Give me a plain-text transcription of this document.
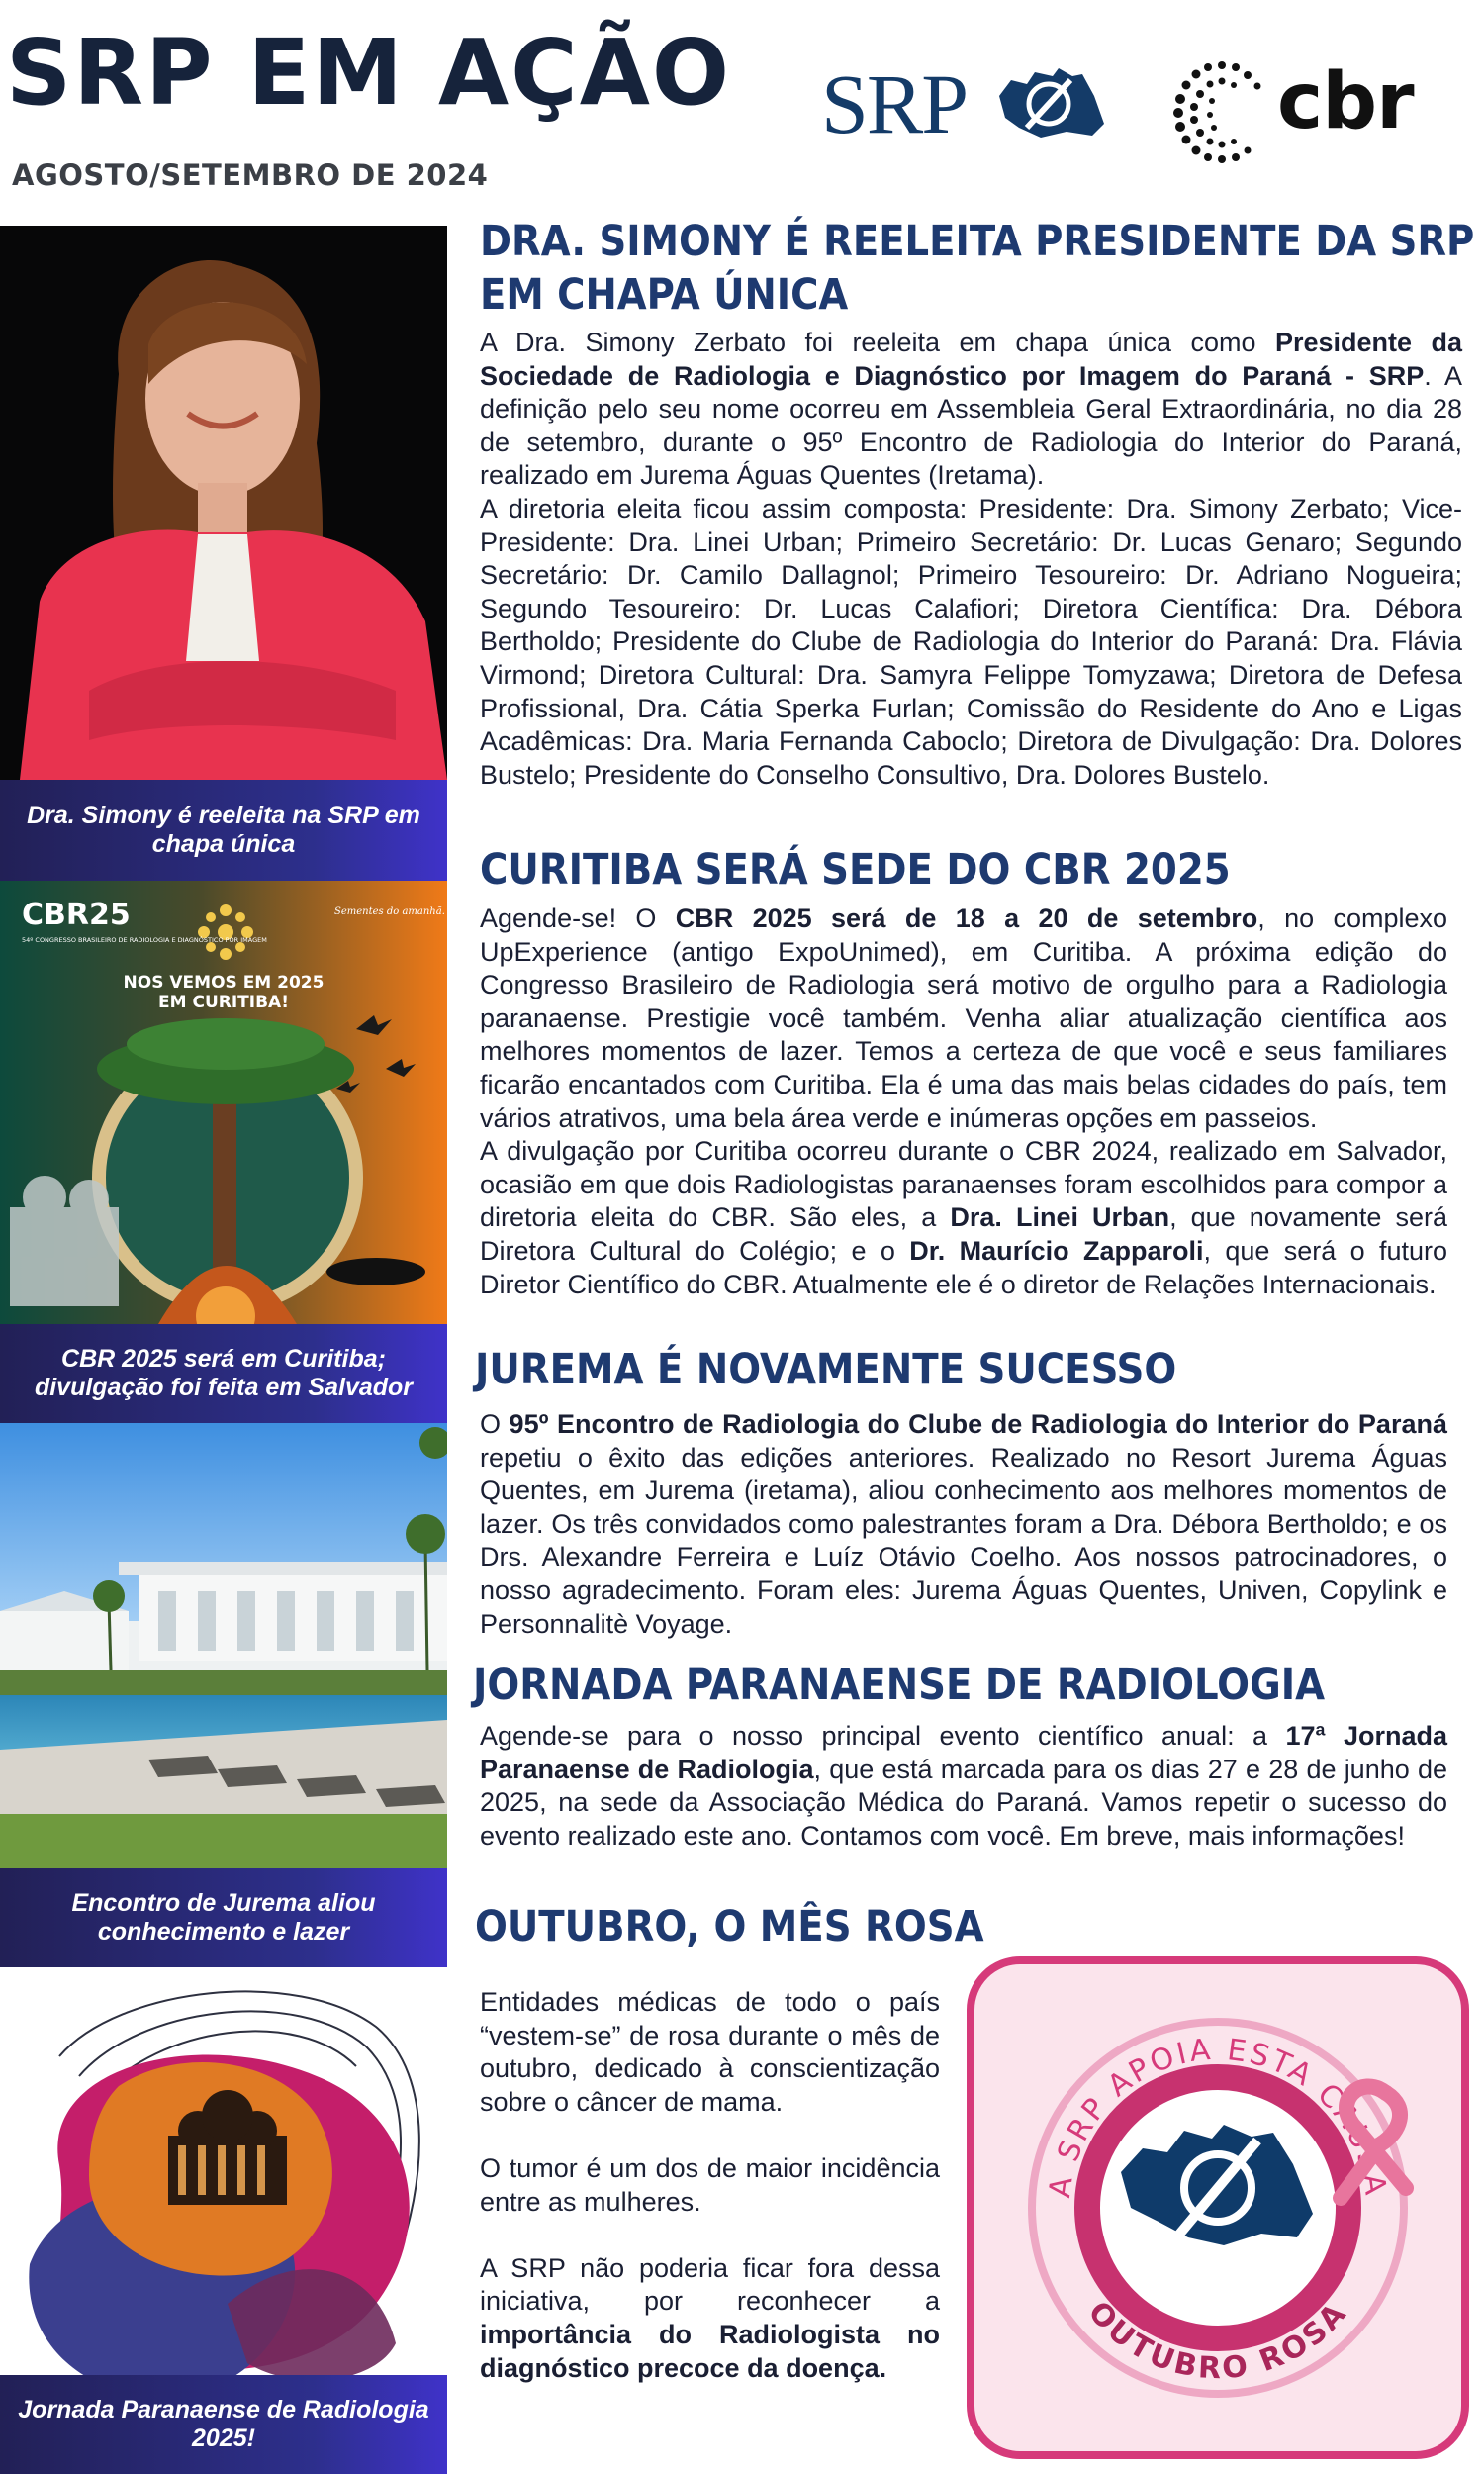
SRP EM AÇÃO
AGOSTO/SETEMBRO DE 2024
SRP	cbr
Dra. Simony é reeleita na SRP em chapa única
CBR25
54º CONGRESSO BRASILEIRO DE RADIOLOGIA E DIAGNÓSTICO POR IMAGEM
Sementes do amanhã.
NOS VEMOS EM 2025
EM CURITIBA!
CBR 2025 será em Curitiba; divulgação foi feita em Salvador
Encontro de Jurema aliou conhecimento e lazer
Jornada Paranaense de Radiologia 2025!
DRA. SIMONY É REELEITA PRESIDENTE DA SRP
EM CHAPA ÚNICA

A Dra. Simony Zerbato foi reeleita em chapa única como Presidente da Sociedade de Radiologia e Diagnóstico por Imagem do Paraná - SRP. A definição pelo seu nome ocorreu em Assembleia Geral Extraordinária, no dia 28 de setembro, durante o 95º Encontro de Radiologia do Interior do Paraná, realizado em Jurema Águas Quentes (Iretama).

A diretoria eleita ficou assim composta: Presidente: Dra. Simony Zerbato; Vice-Presidente: Dra. Linei Urban; Primeiro Secretário: Dr. Lucas Genaro; Segundo Secretário: Dr. Camilo Dallagnol; Primeiro Tesoureiro: Dr. Adriano Nogueira; Segundo Tesoureiro: Dr. Lucas Calafiori; Diretora Científica: Dra. Débora Bertholdo; Presidente do Clube de Radiologia do Interior do Paraná: Dra. Flávia Virmond; Diretora Cultural: Dra. Samyra Felippe Tomyzawa; Diretora de Defesa Profissional, Dra. Cátia Sperka Furlan; Comissão do Residente do Ano e Ligas Acadêmicas: Dra. Maria Fernanda Caboclo; Diretora de Divulgação: Dra. Dolores Bustelo; Presidente do Conselho Consultivo, Dra. Dolores Bustelo.

CURITIBA SERÁ SEDE DO CBR 2025

Agende-se! O CBR 2025 será de 18 a 20 de setembro, no complexo UpExperience (antigo ExpoUnimed), em Curitiba. A próxima edição do Congresso Brasileiro de Radiologia será motivo de orgulho para a Radiologia paranaense. Prestigie você também. Venha aliar atualização científica aos melhores momentos de lazer. Temos a certeza de que você e seus familiares ficarão encantados com Curitiba. Ela é uma das mais belas cidades do país, tem vários atrativos, uma bela área verde e inúmeras opções em passeios.

A divulgação por Curitiba ocorreu durante o CBR 2024, realizado em Salvador, ocasião em que dois Radiologistas paranaenses foram escolhidos para compor a diretoria eleita do CBR. São eles, a Dra. Linei Urban, que novamente será Diretora Cultural do Colégio; e o Dr. Maurício Zapparoli, que será o futuro Diretor Científico do CBR. Atualmente ele é o diretor de Relações Internacionais.

JUREMA É NOVAMENTE SUCESSO

O 95º Encontro de Radiologia do Clube de Radiologia do Interior do Paraná repetiu o êxito das edições anteriores. Realizado no Resort Jurema Águas Quentes, em Jurema (iretama), aliou conhecimento aos melhores momentos de lazer. Os três convidados como palestrantes foram a Dra. Débora Bertholdo; e os Drs. Alexandre Ferreira e Luíz Otávio Coelho. Aos nossos patrocinadores, o nosso agradecimento. Foram eles: Jurema Águas Quentes, Univen, Copylink e Personnalitè Voyage.

JORNADA PARANAENSE DE RADIOLOGIA

Agende-se para o nosso principal evento científico anual: a 17ª Jornada Paranaense de Radiologia, que está marcada para os dias 27 e 28 de junho de 2025, na sede da Associação Médica do Paraná. Vamos repetir o sucesso do evento realizado este ano. Contamos com você. Em breve, mais informações!

OUTUBRO, O MÊS ROSA

Entidades médicas de todo o país “vestem-se” de rosa durante o mês de outubro, dedicado à conscientização sobre o câncer de mama.

O tumor é um dos de maior incidência entre as mulheres.

A SRP não poderia ficar fora dessa iniciativa, por reconhecer a importância do Radiologista no diagnóstico precoce da doença.

A SRP APOIA ESTA CAUSA
OUTUBRO ROSA
